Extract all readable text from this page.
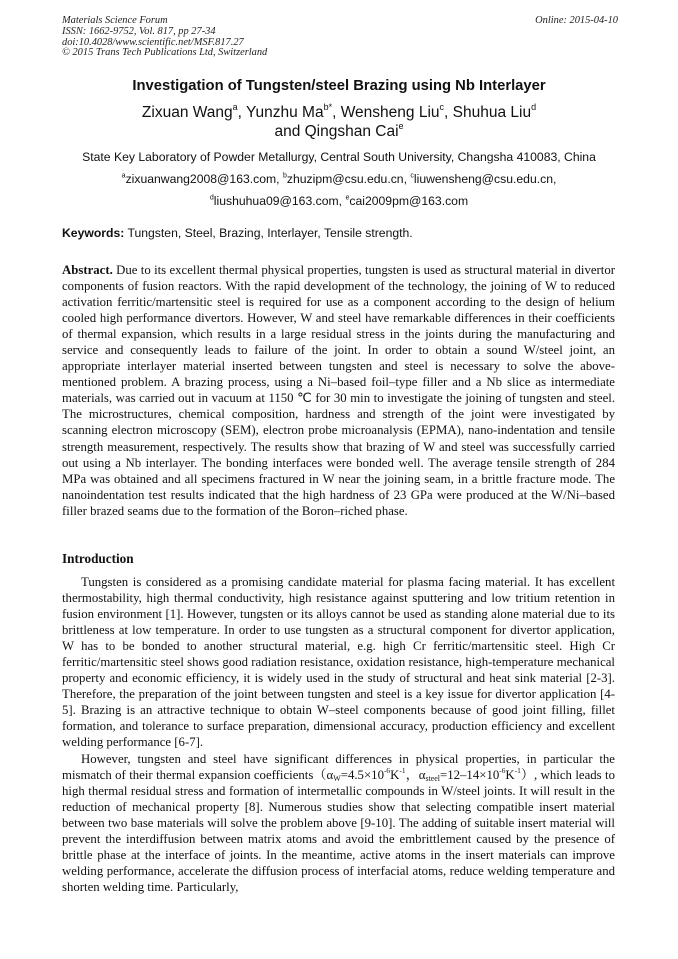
Materials Science Forum
ISSN: 1662-9752, Vol. 817, pp 27-34
doi:10.4028/www.scientific.net/MSF.817.27
© 2015 Trans Tech Publications Ltd, Switzerland
Online: 2015-04-10
Investigation of Tungsten/steel Brazing using Nb Interlayer
Zixuan Wang$^a$, Yunzhu $Ma^{b*}$, Wensheng Liu$^c$, Shuhua Liu$^d$
and Qingshan Cai$^e$
State Key Laboratory of Powder Metallurgy, Central South University, Changsha 410083, China
$^a$zixuanwang2008@163.com, $^b$zhuzipm@csu.edu.cn, $^c$liuwensheng@csu.edu.cn,
$^d$liushuhua09@163.com, $^e$cai2009pm@163.com
Keywords: Tungsten, Steel, Brazing, Interlayer, Tensile strength.
Abstract. Due to its excellent thermal physical properties, tungsten is used as structural material in divertor components of fusion reactors. With the rapid development of the technology, the joining of W to reduced activation ferritic/martensitic steel is required for use as a component according to the design of helium cooled high performance divertors. However, W and steel have remarkable differences in their coefficients of thermal expansion, which results in a large residual stress in the joints during the manufacturing and service and consequently leads to failure of the joint. In order to obtain a sound W/steel joint, an appropriate interlayer material inserted between tungsten and steel is necessary to solve the above-mentioned problem. A brazing process, using a Ni–based foil–type filler and a Nb slice as intermediate materials, was carried out in vacuum at 1150 ℃ for 30 min to investigate the joining of tungsten and steel. The microstructures, chemical composition, hardness and strength of the joint were investigated by scanning electron microscopy (SEM), electron probe microanalysis (EPMA), nano-indentation and tensile strength measurement, respectively. The results show that brazing of W and steel was successfully carried out using a Nb interlayer. The bonding interfaces were bonded well. The average tensile strength of 284 MPa was obtained and all specimens fractured in W near the joining seam, in a brittle fracture mode. The nanoindentation test results indicated that the high hardness of 23 GPa were produced at the W/Ni–based filler brazed seams due to the formation of the Boron–riched phase.
Introduction

Tungsten is considered as a promising candidate material for plasma facing material. It has excellent thermostability, high thermal conductivity, high resistance against sputtering and low tritium retention in fusion environment [1]. However, tungsten or its alloys cannot be used as standing alone material due to its brittleness at low temperature. In order to use tungsten as a structural component for divertor application, W has to be bonded to another structural material, e.g. high Cr ferritic/martensitic steel. High Cr ferritic/martensitic steel shows good radiation resistance, oxidation resistance, high-temperature mechanical property and economic efficiency, it is widely used in the study of structural and heat sink material [2-3]. Therefore, the preparation of the joint between tungsten and steel is a key issue for divertor application [4-5]. Brazing is an attractive technique to obtain W–steel components because of good joint filling, fillet formation, and tolerance to surface preparation, dimensional accuracy, production efficiency and excellent welding performance [6-7].

However, tungsten and steel have significant differences in physical properties, in particular the mismatch of their thermal expansion $coefficients(\alpha_W=4.5\times 10^{-6}K^{-1}$，$\alpha_{steel}=12-14\times 10^{-6}K^{-1}$）, which leads to high thermal residual stress and formation of intermetallic compounds in W/steel joints. It will result in the reduction of mechanical property [8]. Numerous studies show that selecting compatible insert material between two base materials will solve the problem above [9-10]. The adding of suitable insert material will prevent the interdiffusion between matrix atoms and avoid the embrittlement caused by the presence of brittle phase at the interface of joints. In the meantime, active atoms in the insert materials can improve welding performance, accelerate the diffusion process of interfacial atoms, reduce welding temperature and shorten welding time. Particularly,
